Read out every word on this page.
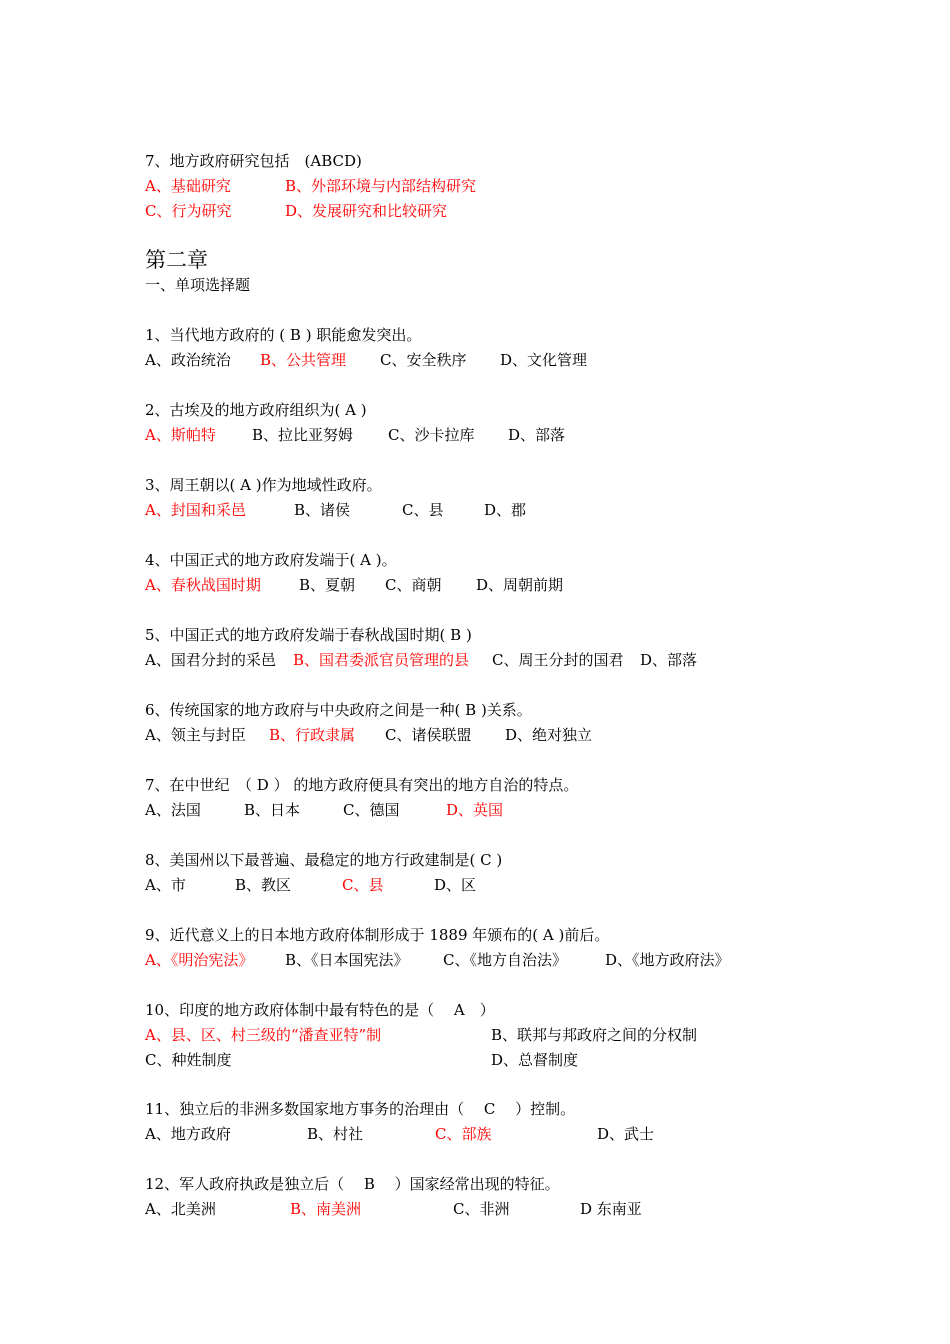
7、地方政府研究包括　(ABCD)
A、基础研究	B、外部环境与内部结构研究
C、行为研究	D、发展研究和比较研究
第二章
一、单项选择题
1、当代地方政府的 ( B ) 职能愈发突出。
A、政治统治 B、公共管理 C、安全秩序 D、文化管理
2、古埃及的地方政府组织为( A )
A、斯帕特 B、拉比亚努姆 C、沙卡拉库 D、部落
3、周王朝以( A )作为地域性政府。
A、封国和采邑	B、诸侯	C、县	D、郡
4、中国正式的地方政府发端于( A )。
A、春秋战国时期	B、夏朝 C、商朝 D、周朝前期
5、中国正式的地方政府发端于春秋战国时期( B )
A、国君分封的采邑 B、国君委派官员管理的县 C、周王分封的国君 D、部落
6、传统国家的地方政府与中央政府之间是一种( B )关系。
A、领主与封臣 B、行政隶属 C、诸侯联盟 D、绝对独立
7、在中世纪　（ D ） 的地方政府便具有突出的地方自治的特点。
A、法国	B、日本	C、德国	D、英国
8、美国州以下最普遍、最稳定的地方行政建制是( C )
A、市	B、教区	C、县	D、区
9、近代意义上的日本地方政府体制形成于 1889 年颁布的( A )前后。
A、《明治宪法》 B、《日本国宪法》 C、《地方自治法》	D、《地方政府法》
10、印度的地方政府体制中最有特色的是（　 A　）
A、县、区、村三级的“潘查亚特”制	B、联邦与邦政府之间的分权制
C、种姓制度	D、总督制度
11、独立后的非洲多数国家地方事务的治理由（　 C　 ）控制。
A、地方政府	B、村社	C、部族	D、武士
12、军人政府执政是独立后（　 B　 ）国家经常出现的特征。
A、北美洲	B、南美洲	C、非洲	D 东南亚
